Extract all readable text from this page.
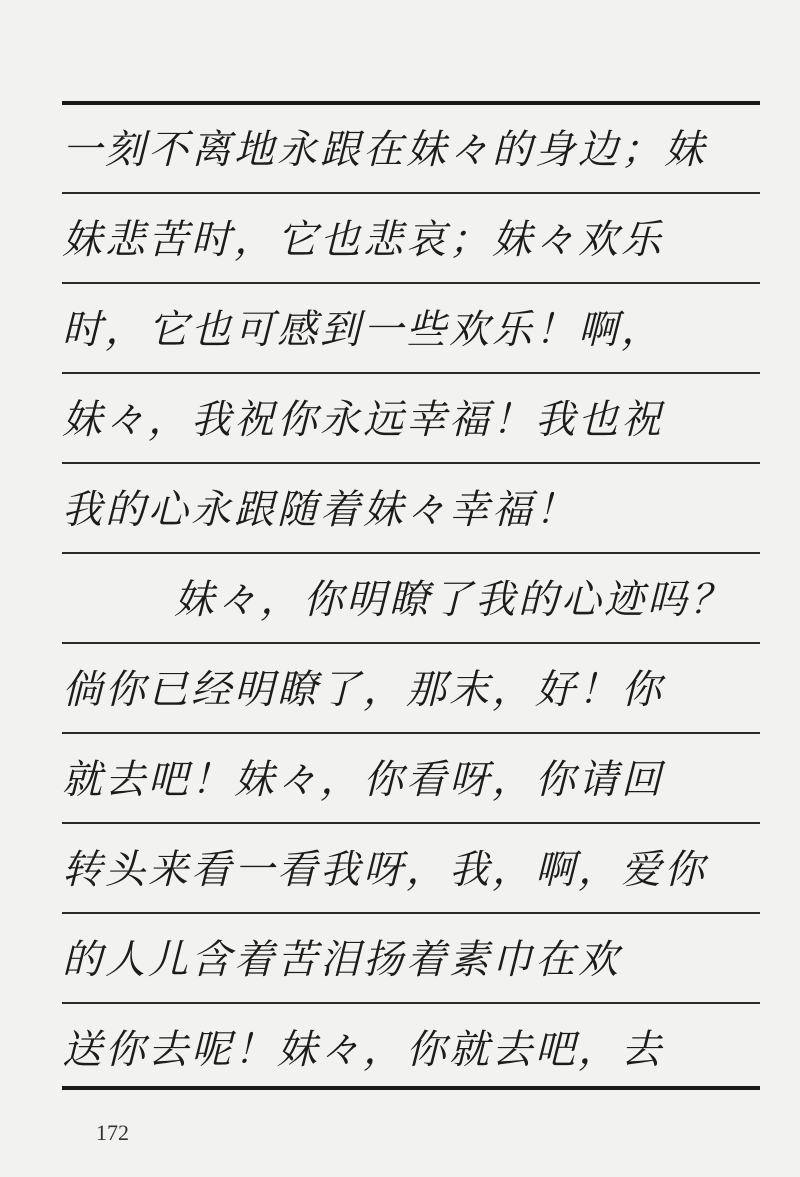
一刻不离地永跟在妹々的身边；妹
妹悲苦时，它也悲哀；妹々欢乐
时，它也可感到一些欢乐！啊，
妹々，我祝你永远幸福！我也祝
我的心永跟随着妹々幸福！
妹々，你明瞭了我的心迹吗？
倘你已经明瞭了，那末，好！你
就去吧！妹々，你看呀，你请回
转头来看一看我呀，我，啊，爱你
的人儿含着苦泪扬着素巾在欢
送你去呢！妹々，你就去吧，去
172
